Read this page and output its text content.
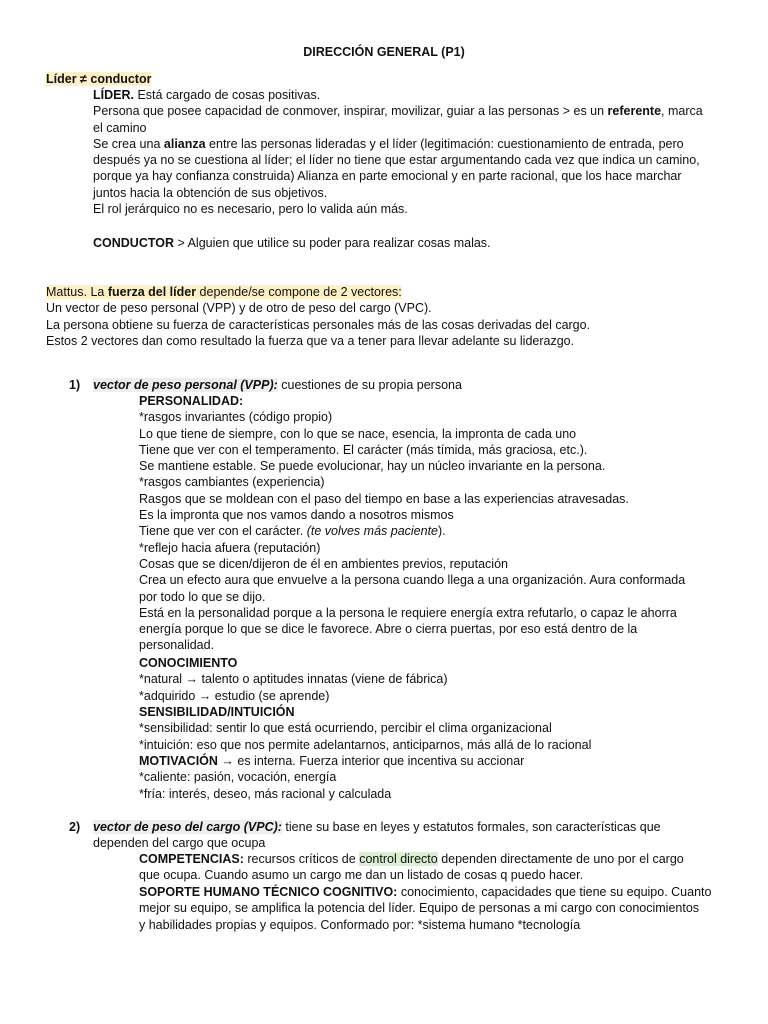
DIRECCIÓN GENERAL (P1)
Líder ≠ conductor
LÍDER. Está cargado de cosas positivas.
Persona que posee capacidad de conmover, inspirar, movilizar, guiar a las personas > es un referente, marca
el camino
Se crea una alianza entre las personas lideradas y el líder (legitimación: cuestionamiento de entrada, pero
después ya no se cuestiona al líder; el líder no tiene que estar argumentando cada vez que indica un camino,
porque ya hay confianza construida) Alianza en parte emocional y en parte racional, que los hace marchar
juntos hacia la obtención de sus objetivos.
El rol jerárquico no es necesario, pero lo valida aún más.
CONDUCTOR > Alguien que utilice su poder para realizar cosas malas.
Mattus. La fuerza del líder depende/se compone de 2 vectores:
Un vector de peso personal (VPP) y de otro de peso del cargo (VPC).
La persona obtiene su fuerza de características personales más de las cosas derivadas del cargo.
Estos 2 vectores dan como resultado la fuerza que va a tener para llevar adelante su liderazgo.
1) vector de peso personal (VPP): cuestiones de su propia persona
PERSONALIDAD:
*rasgos invariantes (código propio)
Lo que tiene de siempre, con lo que se nace, esencia, la impronta de cada uno
Tiene que ver con el temperamento. El carácter (más tímida, más graciosa, etc.).
Se mantiene estable. Se puede evolucionar, hay un núcleo invariante en la persona.
*rasgos cambiantes (experiencia)
Rasgos que se moldean con el paso del tiempo en base a las experiencias atravesadas.
Es la impronta que nos vamos dando a nosotros mismos
Tiene que ver con el carácter. (te volves más paciente).
*reflejo hacia afuera (reputación)
Cosas que se dicen/dijeron de él en ambientes previos, reputación
Crea un efecto aura que envuelve a la persona cuando llega a una organización. Aura conformada
por todo lo que se dijo.
Está en la personalidad porque a la persona le requiere energía extra refutarlo, o capaz le ahorra
energía porque lo que se dice le favorece. Abre o cierra puertas, por eso está dentro de la
personalidad.
CONOCIMIENTO
*natural → talento o aptitudes innatas (viene de fábrica)
*adquirido → estudio (se aprende)
SENSIBILIDAD/INTUICIÓN
*sensibilidad: sentir lo que está ocurriendo, percibir el clima organizacional
*intuición: eso que nos permite adelantarnos, anticiparnos, más allá de lo racional
MOTIVACIÓN → es interna. Fuerza interior que incentiva su accionar
*caliente: pasión, vocación, energía
*fría: interés, deseo, más racional y calculada
2) vector de peso del cargo (VPC): tiene su base en leyes y estatutos formales, son características que
dependen del cargo que ocupa
COMPETENCIAS: recursos críticos de control directo dependen directamente de uno por el cargo
que ocupa. Cuando asumo un cargo me dan un listado de cosas q puedo hacer.
SOPORTE HUMANO TÉCNICO COGNITIVO: conocimiento, capacidades que tiene su equipo. Cuanto
mejor su equipo, se amplifica la potencia del líder. Equipo de personas a mi cargo con conocimientos
y habilidades propias y equipos. Conformado por: *sistema humano *tecnología
